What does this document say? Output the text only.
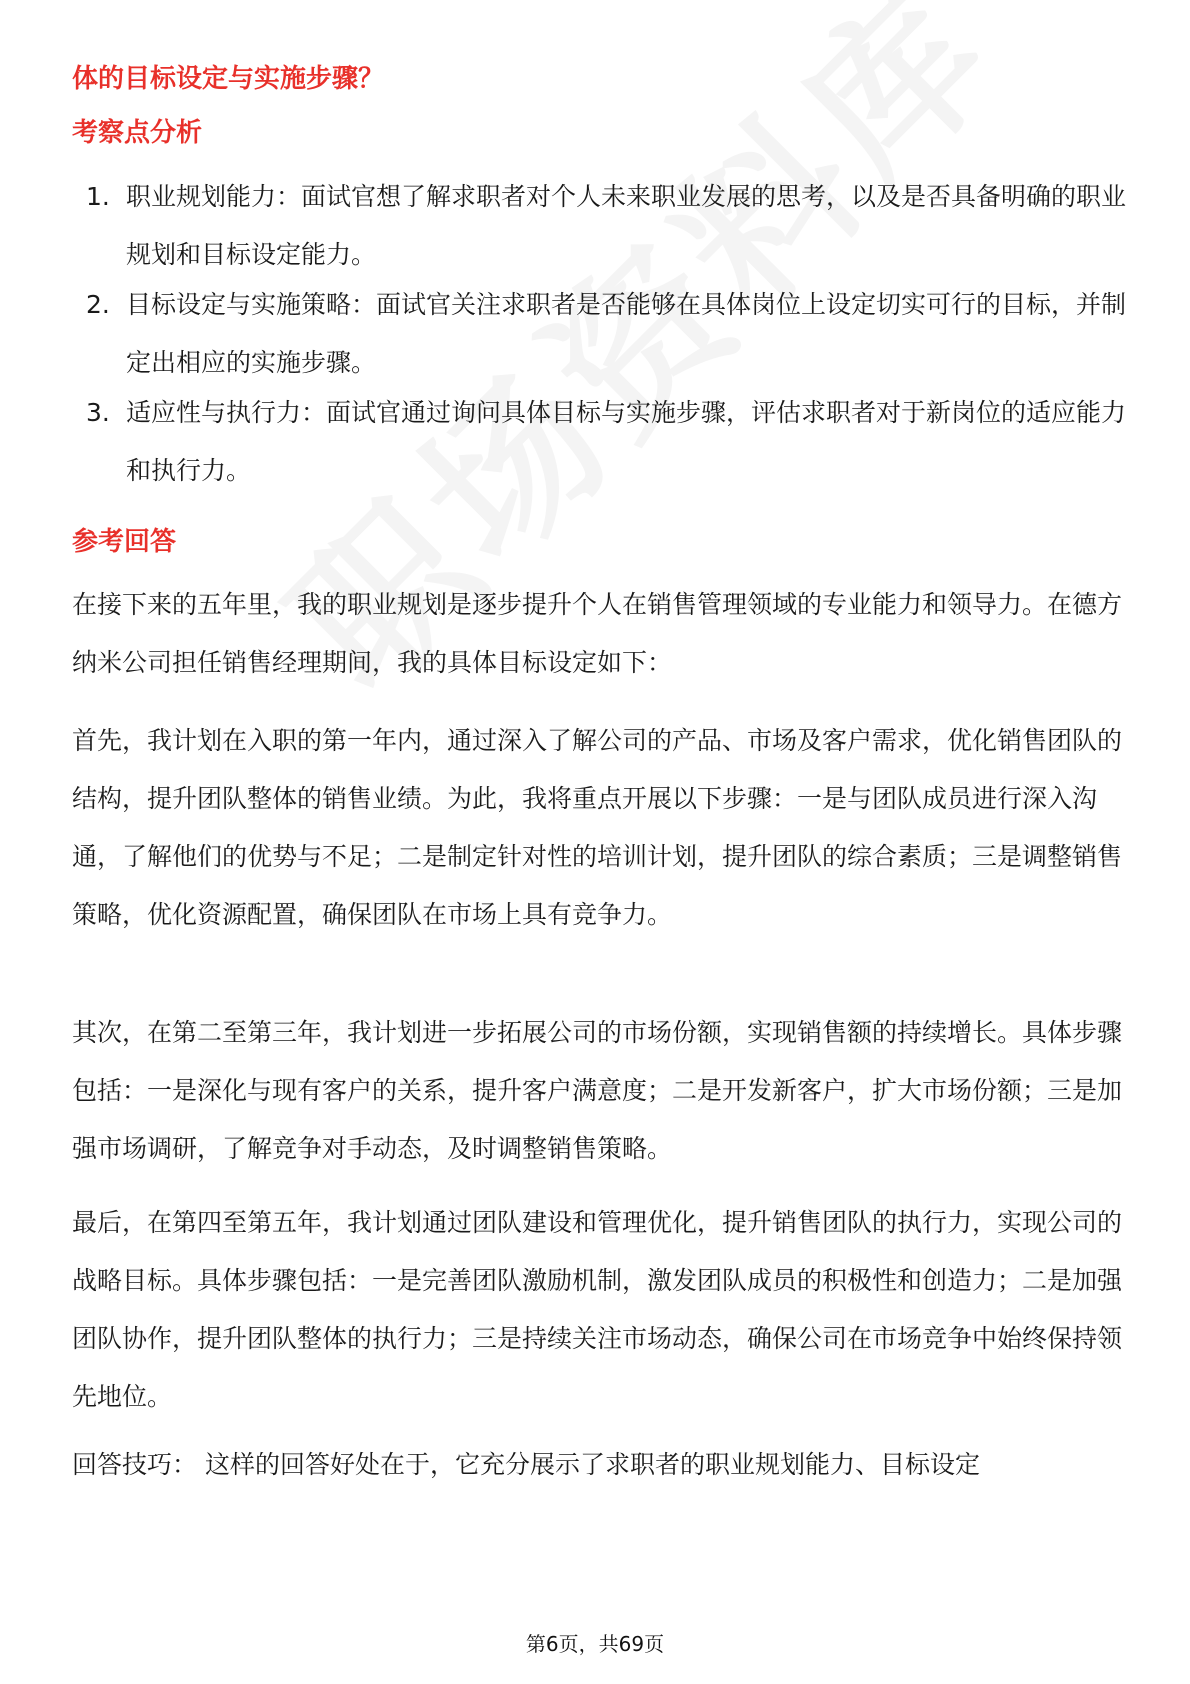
体的目标设定与实施步骤？
考察点分析
1. 职业规划能力：面试官想了解求职者对个人未来职业发展的思考，以及是否具备明确的职业规划和目标设定能力。
2. 目标设定与实施策略：面试官关注求职者是否能够在具体岗位上设定切实可行的目标，并制定出相应的实施步骤。
3. 适应性与执行力：面试官通过询问具体目标与实施步骤，评估求职者对于新岗位的适应能力和执行力。
参考回答

在接下来的五年里，我的职业规划是逐步提升个人在销售管理领域的专业能力和领导力。在德方纳米公司担任销售经理期间，我的具体目标设定如下：

首先，我计划在入职的第一年内，通过深入了解公司的产品、市场及客户需求，优化销售团队的结构，提升团队整体的销售业绩。为此，我将重点开展以下步骤：一是与团队成员进行深入沟通，了解他们的优势与不足；二是制定针对性的培训计划，提升团队的综合素质；三是调整销售策略，优化资源配置，确保团队在市场上具有竞争力。

其次，在第二至第三年，我计划进一步拓展公司的市场份额，实现销售额的持续增长。具体步骤包括：一是深化与现有客户的关系，提升客户满意度；二是开发新客户，扩大市场份额；三是加强市场调研，了解竞争对手动态，及时调整销售策略。

最后，在第四至第五年，我计划通过团队建设和管理优化，提升销售团队的执行力，实现公司的战略目标。具体步骤包括：一是完善团队激励机制，激发团队成员的积极性和创造力；二是加强团队协作，提升团队整体的执行力；三是持续关注市场动态，确保公司在市场竞争中始终保持领先地位。

回答技巧： 这样的回答好处在于，它充分展示了求职者的职业规划能力、目标设定

第6页，共69页
